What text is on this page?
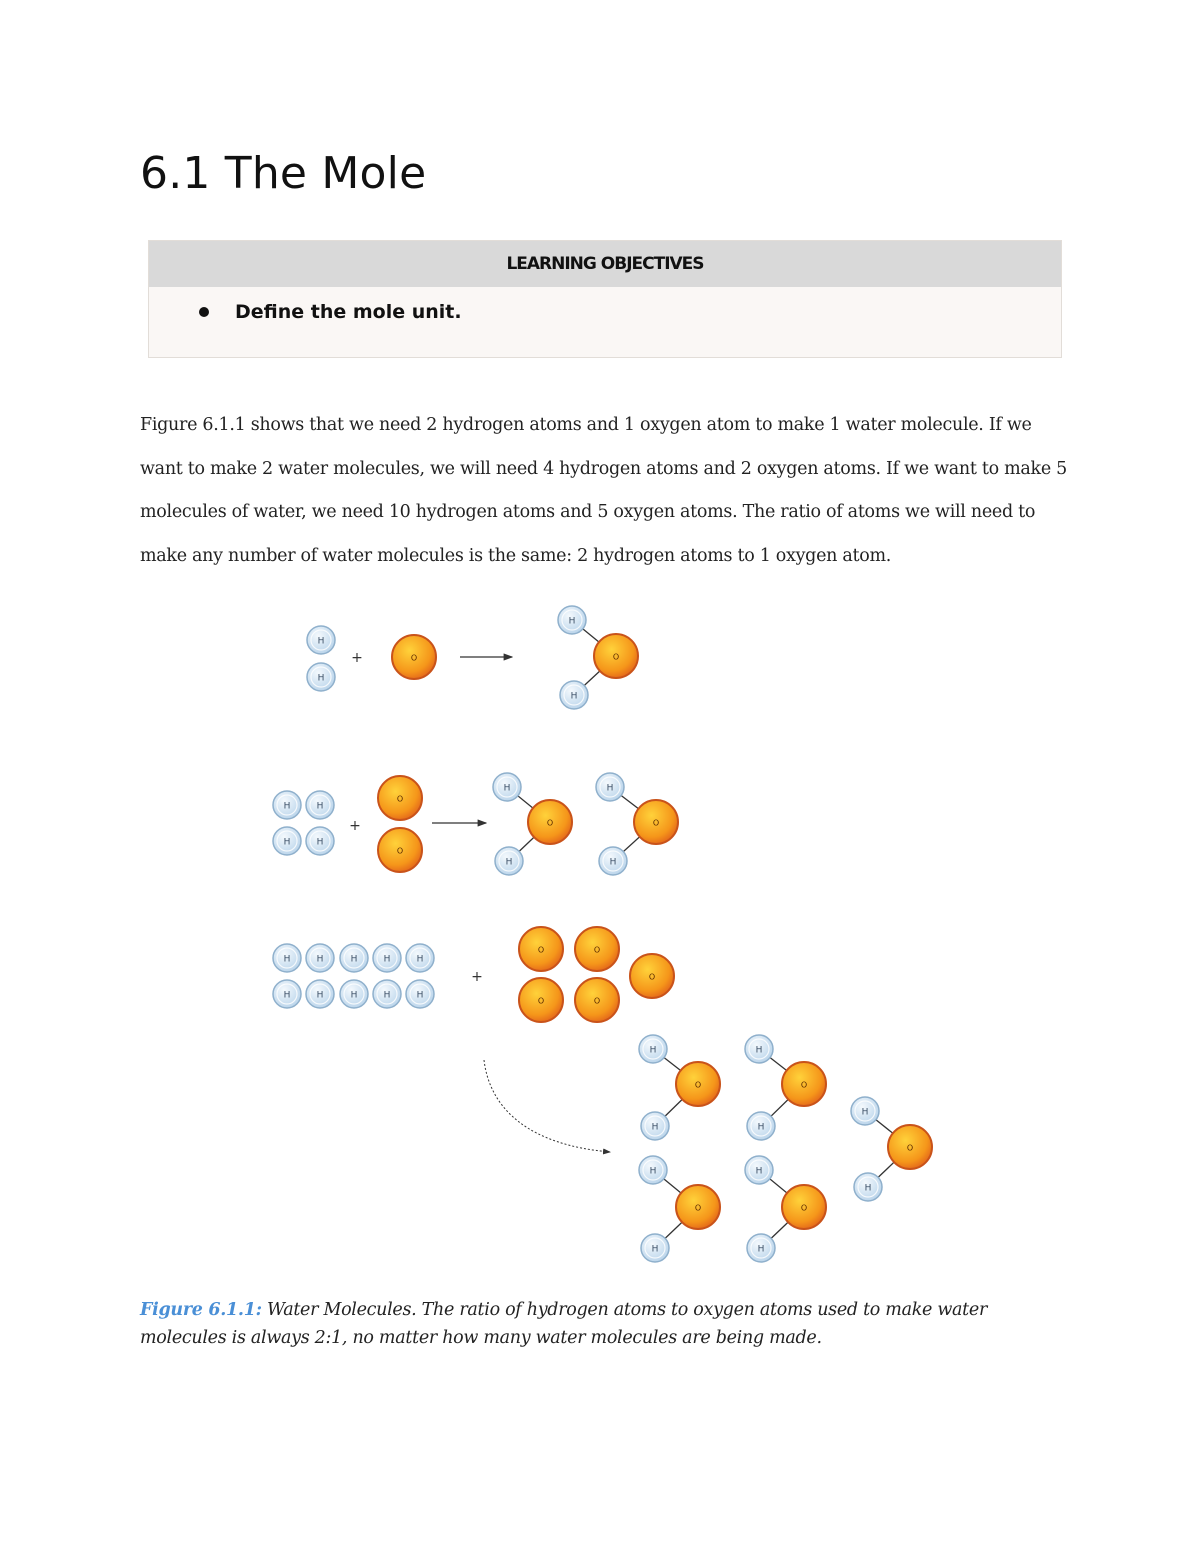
6.1 The Mole
LEARNING OBJECTIVES
Define the mole unit.

Figure 6.1.1 shows that we need 2 hydrogen atoms and 1 oxygen atom to make 1 water molecule. If we want to make 2 water molecules, we will need 4 hydrogen atoms and 2 oxygen atoms. If we want to make 5 molecules of water, we need 10 hydrogen atoms and 5 oxygen atoms. The ratio of atoms we will need to make any number of water molecules is the same: 2 hydrogen atoms to 1 oxygen atom.

H
H
O
H
H
O
H	H
H	H
O
O
H
H
O
H
H
O
H
H
H
H
H
H
H
H
H
H
O	O
O	O
O
H
H
O
H
H
O
H
H
O
H
H
O
H
H
O
+
+
+

Figure 6.1.1: Water Molecules. The ratio of hydrogen atoms to oxygen atoms used to make water molecules is always 2:1, no matter how many water molecules are being made.
